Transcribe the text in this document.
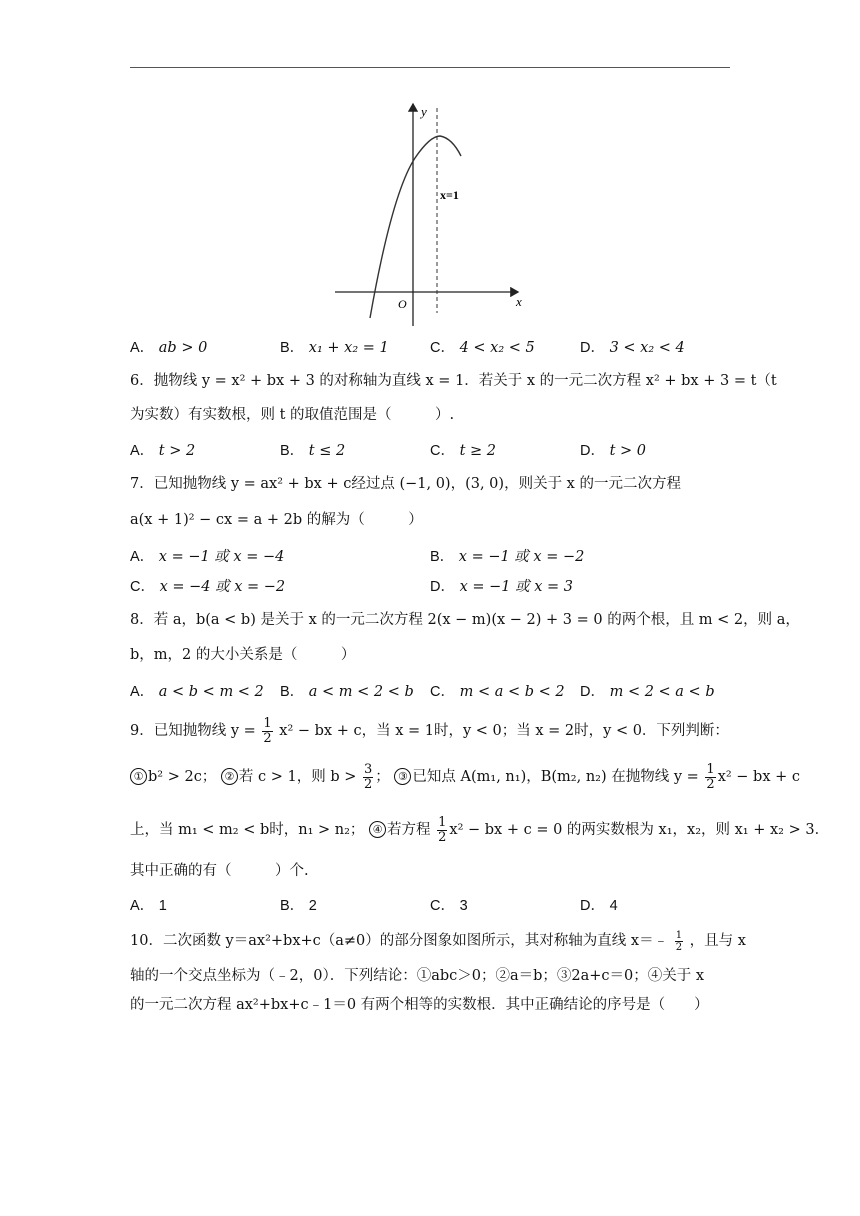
y
x
O
x=1
A． ab > 0	B． x₁ + x₂ = 1	C． 4 < x₂ < 5	D． 3 < x₂ < 4
6．抛物线 y = x² + bx + 3 的对称轴为直线 x = 1．若关于 x 的一元二次方程 x² + bx + 3 = t（t
为实数）有实数根，则 t 的取值范围是（　　　）.
A． t > 2	B． t ≤ 2	C． t ≥ 2	D． t > 0
7．已知抛物线 y = ax² + bx + c经过点 (−1, 0)，(3, 0)，则关于 x 的一元二次方程
a(x + 1)² − cx = a + 2b 的解为（　　　）
A． x = −1 或 x = −4	B． x = −1 或 x = −2
C． x = −4 或 x = −2	D． x = −1 或 x = 3
8．若 a，b(a < b) 是关于 x 的一元二次方程 2(x − m)(x − 2) + 3 = 0 的两个根，且 m < 2，则 a，
b，m，2 的大小关系是（　　　）
A． a < b < m < 2 B． a < m < 2 < b C． m < a < b < 2 D． m < 2 < a < b
9．已知抛物线 $y = \frac{1}{2} x^2$ − bx + c，当 x = 1时，y < 0；当 x = 2时，y < 0．下列判断：
① b² > 2c； ② 若 c > 1，则 $b > \frac{3}{2}$ ； ③ 已知点 A(m₁, n₁)，B(m₂, n₂) 在抛物线 $y = \frac{1}{2} x^2$ − bx + c
上，当 m₁ < m₂ < b时，n₁ > n₂； ④ 若方程 $\frac{1}{2} x^2$ − bx + c = 0 的两实数根为 x₁，x₂，则 x₁ + x₂ > 3．
其中正确的有（　　　）个.
A． 1	B． 2	C． 3	D． 4
10．二次函数 y＝ax²+bx+c（a≠0）的部分图象如图所示，其对称轴为直线 x＝﹣ $\frac{1}{2}$ ，且与 x
轴的一个交点坐标为（﹣2，0）．下列结论：①abc＞0；②a＝b；③2a+c＝0；④关于 x
的一元二次方程 ax²+bx+c﹣1＝0 有两个相等的实数根．其中正确结论的序号是（　　）
